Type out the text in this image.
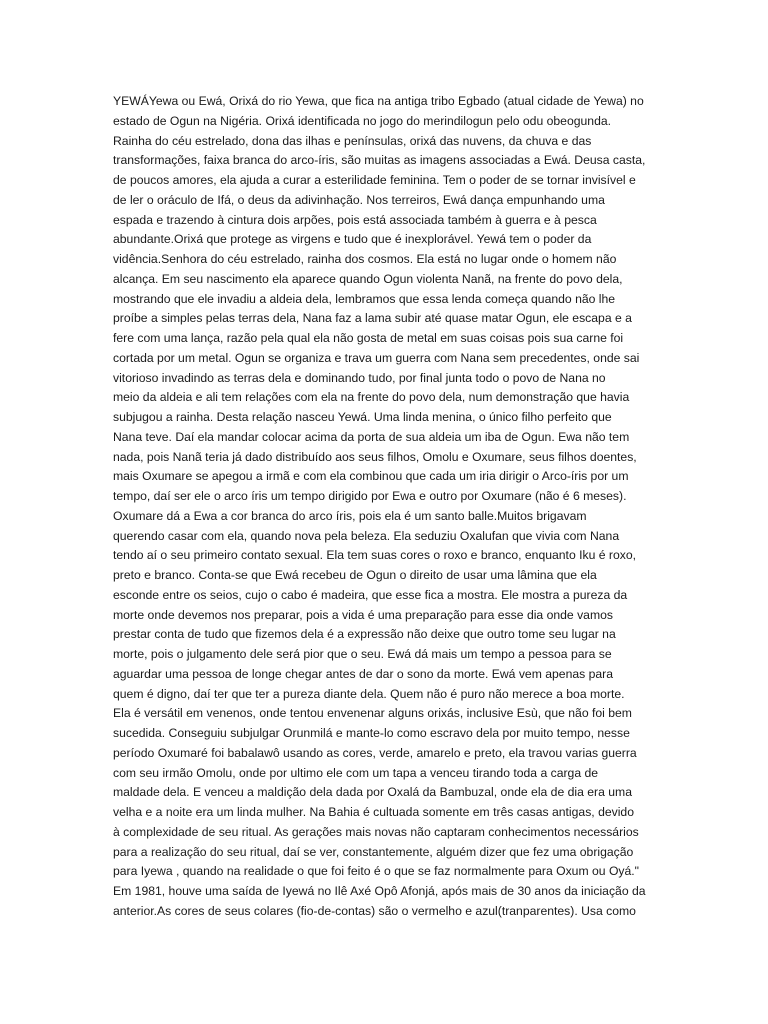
YEWÁYewa ou Ewá, Orixá do rio Yewa, que fica na antiga tribo Egbado (atual cidade de Yewa) no
estado de Ogun na Nigéria. Orixá identificada no jogo do merindilogun pelo odu obeogunda.
Rainha do céu estrelado, dona das ilhas e penínsulas, orixá das nuvens, da chuva e das
transformações, faixa branca do arco-íris, são muitas as imagens associadas a Ewá. Deusa casta,
de poucos amores, ela ajuda a curar a esterilidade feminina. Tem o poder de se tornar invisível e
de ler o oráculo de Ifá, o deus da adivinhação. Nos terreiros, Ewá dança empunhando uma
espada e trazendo à cintura dois arpões, pois está associada também à guerra e à pesca
abundante.Orixá que protege as virgens e tudo que é inexplorável. Yewá tem o poder da
vidência.Senhora do céu estrelado, rainha dos cosmos. Ela está no lugar onde o homem não
alcança. Em seu nascimento ela aparece quando Ogun violenta Nanã, na frente do povo dela,
mostrando que ele invadiu a aldeia dela, lembramos que essa lenda começa quando não lhe
proíbe a simples pelas terras dela, Nana faz a lama subir até quase matar Ogun, ele escapa e a
fere com uma lança, razão pela qual ela não gosta de metal em suas coisas pois sua carne foi
cortada por um metal. Ogun se organiza e trava um guerra com Nana sem precedentes, onde sai
vitorioso invadindo as terras dela e dominando tudo, por final junta todo o povo de Nana no
meio da aldeia e ali tem relações com ela na frente do povo dela, num demonstração que havia
subjugou a rainha. Desta relação nasceu Yewá. Uma linda menina, o único filho perfeito que
Nana teve. Daí ela mandar colocar acima da porta de sua aldeia um iba de Ogun. Ewa não tem
nada, pois Nanã teria já dado distribuído aos seus filhos, Omolu e Oxumare, seus filhos doentes,
mais Oxumare se apegou a irmã e com ela combinou que cada um iria dirigir o Arco-íris por um
tempo, daí ser ele o arco íris um tempo dirigido por Ewa e outro por Oxumare (não é 6 meses).
Oxumare dá a Ewa a cor branca do arco íris, pois ela é um santo balle.Muitos brigavam
querendo casar com ela, quando nova pela beleza. Ela seduziu Oxalufan que vivia com Nana
tendo aí o seu primeiro contato sexual. Ela tem suas cores o roxo e branco, enquanto Iku é roxo,
preto e branco. Conta-se que Ewá recebeu de Ogun o direito de usar uma lâmina que ela
esconde entre os seios, cujo o cabo é madeira, que esse fica a mostra. Ele mostra a pureza da
morte onde devemos nos preparar, pois a vida é uma preparação para esse dia onde vamos
prestar conta de tudo que fizemos dela é a expressão não deixe que outro tome seu lugar na
morte, pois o julgamento dele será pior que o seu. Ewá dá mais um tempo a pessoa para se
aguardar uma pessoa de longe chegar antes de dar o sono da morte. Ewá vem apenas para
quem é digno, daí ter que ter a pureza diante dela. Quem não é puro não merece a boa morte.
Ela é versátil em venenos, onde tentou envenenar alguns orixás, inclusive Esù, que não foi bem
sucedida. Conseguiu subjulgar Orunmilá e mante-lo como escravo dela por muito tempo, nesse
período Oxumaré foi babalawô usando as cores, verde, amarelo e preto, ela travou varias guerra
com seu irmão Omolu, onde por ultimo ele com um tapa a venceu tirando toda a carga de
maldade dela. E venceu a maldição dela dada por Oxalá da Bambuzal, onde ela de dia era uma
velha e a noite era um linda mulher. Na Bahia é cultuada somente em três casas antigas, devido
à complexidade de seu ritual. As gerações mais novas não captaram conhecimentos necessários
para a realização do seu ritual, daí se ver, constantemente, alguém dizer que fez uma obrigação
para Iyewa , quando na realidade o que foi feito é o que se faz normalmente para Oxum ou Oyá."
Em 1981, houve uma saída de Iyewá no Ilê Axé Opô Afonjá, após mais de 30 anos da iniciação da
anterior.As cores de seus colares (fio-de-contas) são o vermelho e azul(tranparentes). Usa como
